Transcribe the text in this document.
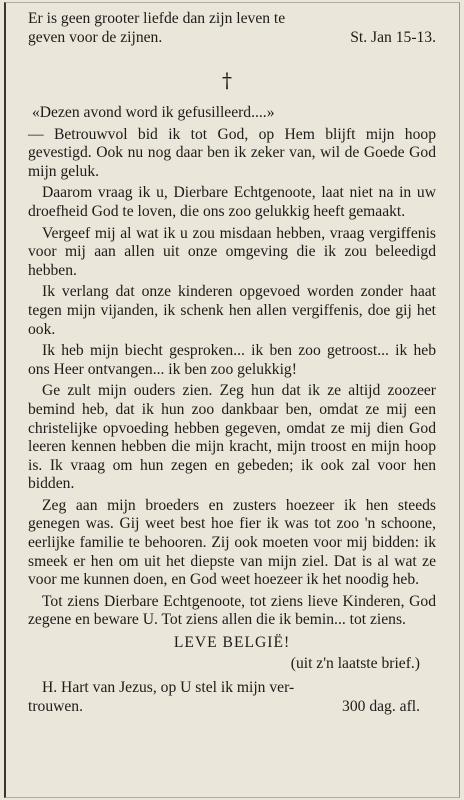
Er is geen grooter liefde dan zijn leven te
geven voor de zijnen.	St. Jan 15-13.
†

«Dezen avond word ik gefusilleerd....»

— Betrouwvol bid ik tot God, op Hem blijft mijn hoop gevestigd. Ook nu nog daar ben ik zeker van, wil de Goede God mijn geluk.

Daarom vraag ik u, Dierbare Echtgenoote, laat niet na in uw droefheid God te loven, die ons zoo gelukkig heeft gemaakt.

Vergeef mij al wat ik u zou misdaan hebben, vraag vergiffenis voor mij aan allen uit onze omgeving die ik zou beleedigd hebben.

Ik verlang dat onze kinderen opgevoed worden zonder haat tegen mijn vijanden, ik schenk hen allen vergiffenis, doe gij het ook.

Ik heb mijn biecht gesproken... ik ben zoo getroost... ik heb ons Heer ontvangen... ik ben zoo gelukkig!

Ge zult mijn ouders zien. Zeg hun dat ik ze altijd zoozeer bemind heb, dat ik hun zoo dankbaar ben, omdat ze mij een christelijke opvoeding hebben gegeven, omdat ze mij dien God leeren kennen hebben die mijn kracht, mijn troost en mijn hoop is. Ik vraag om hun zegen en gebeden; ik ook zal voor hen bidden.

Zeg aan mijn broeders en zusters hoezeer ik hen steeds genegen was. Gij weet best hoe fier ik was tot zoo 'n schoone, eerlijke familie te behooren. Zij ook moeten voor mij bidden: ik smeek er hen om uit het diepste van mijn ziel. Dat is al wat ze voor me kunnen doen, en God weet hoezeer ik het noodig heb.

Tot ziens Dierbare Echtgenoote, tot ziens lieve Kinderen, God zegene en beware U. Tot ziens allen die ik bemin... tot ziens.

LEVE BELGIË!
(uit z'n laatste brief.)

H. Hart van Jezus, op U stel ik mijn ver-

trouwen.	300 dag. afl.
